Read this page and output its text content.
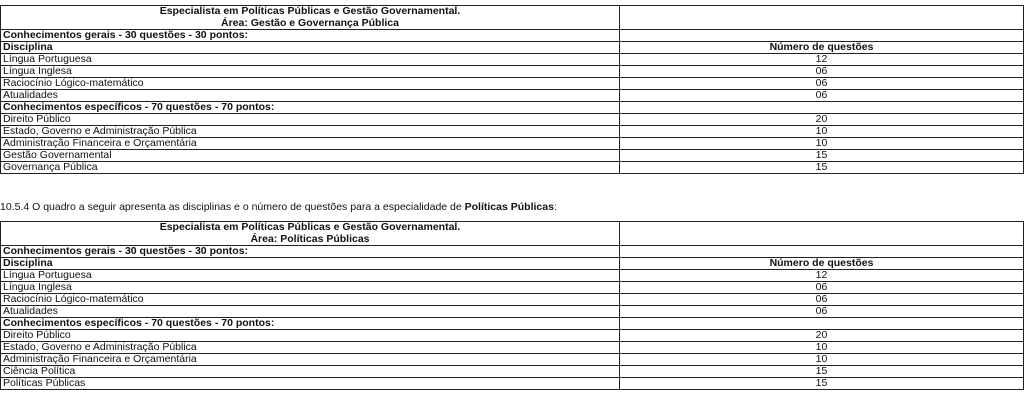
Especialista em Políticas Públicas e Gestão Governamental.
Área: Gestão e Governança Pública	

Conhecimentos gerais - 30 questões - 30 pontos:	
Disciplina	Número de questões
Língua Portuguesa	12
Língua Inglesa	06
Raciocínio Lógico-matemático	06
Atualidades	06
Conhecimentos específicos - 70 questões - 70 pontos:	
Direito Público	20
Estado, Governo e Administração Pública	10
Administração Financeira e Orçamentária	10
Gestão Governamental	15
Governança Pública	15
10.5.4 O quadro a seguir apresenta as disciplinas e o número de questões para a especialidade de Políticas Públicas:
Especialista em Políticas Públicas e Gestão Governamental.
Área: Políticas Públicas	

Conhecimentos gerais - 30 questões - 30 pontos:	
Disciplina	Número de questões
Língua Portuguesa	12
Língua Inglesa	06
Raciocínio Lógico-matemático	06
Atualidades	06
Conhecimentos específicos - 70 questões - 70 pontos:	
Direito Público	20
Estado, Governo e Administração Pública	10
Administração Financeira e Orçamentária	10
Ciência Política	15
Políticas Públicas	15
